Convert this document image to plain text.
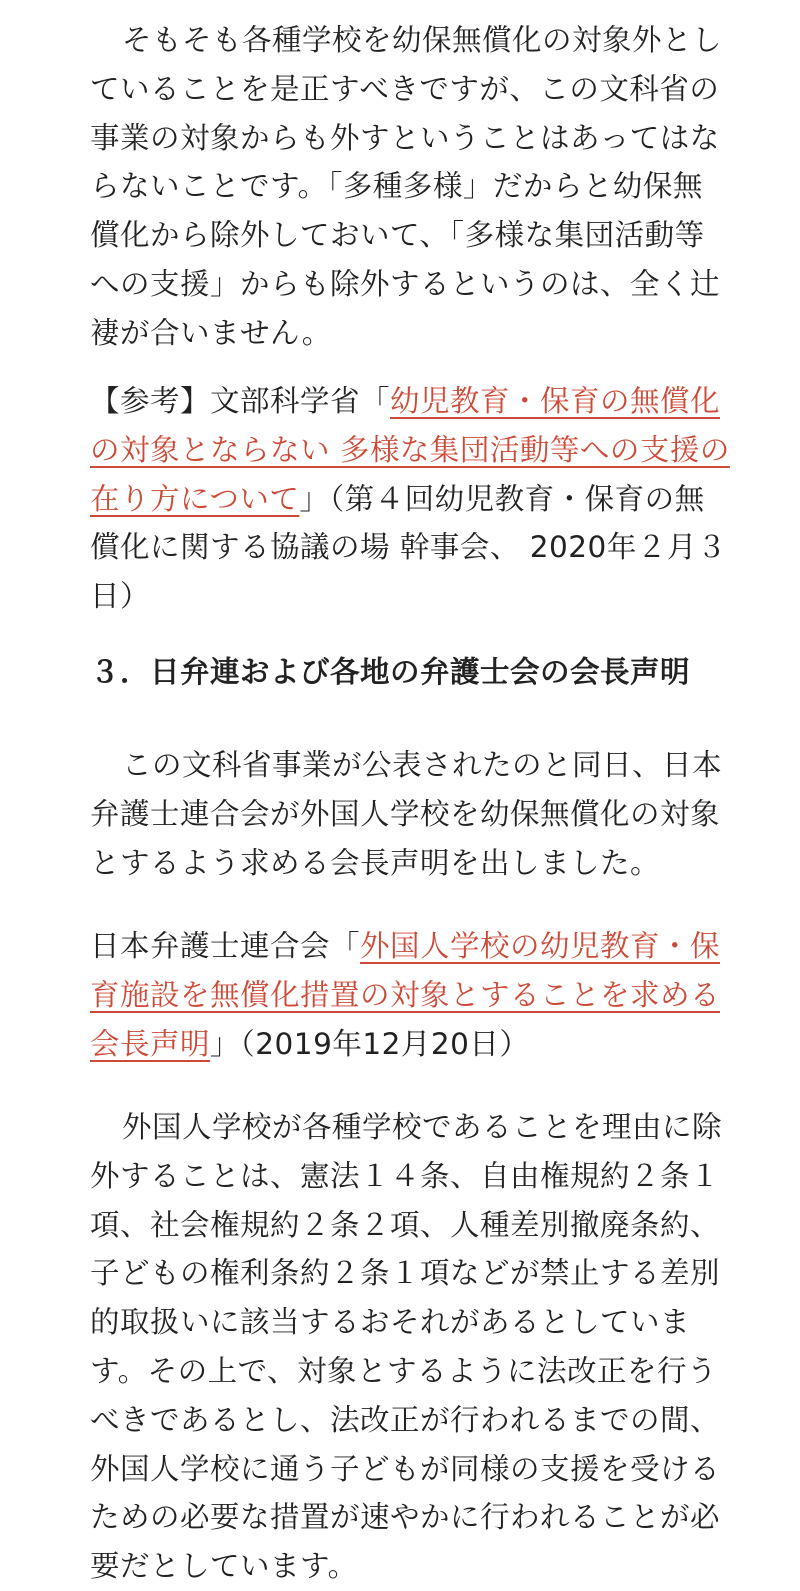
そもそも各種学校を幼保無償化の対象外とし
ていることを是正すべきですが、この文科省の
事業の対象からも外すということはあってはな
らないことです。「多種多様」だからと幼保無
償化から除外しておいて、「多様な集団活動等
への支援」からも除外するというのは、全く辻
褄が合いません。

【参考】文部科学省「幼児教育・保育の無償化
の対象とならない 多様な集団活動等への支援の
在り方について」（第４回幼児教育・保育の無
償化に関する協議の場 幹事会、 2020年２月３
日）

３．日弁連および各地の弁護士会の会長声明

この文科省事業が公表されたのと同日、日本
弁護士連合会が外国人学校を幼保無償化の対象
とするよう求める会長声明を出しました。

日本弁護士連合会「外国人学校の幼児教育・保
育施設を無償化措置の対象とすることを求める
会長声明」（2019年12月20日）

外国人学校が各種学校であることを理由に除
外することは、憲法１４条、自由権規約２条１
項、社会権規約２条２項、人種差別撤廃条約、
子どもの権利条約２条１項などが禁止する差別
的取扱いに該当するおそれがあるとしていま
す。その上で、対象とするように法改正を行う
べきであるとし、法改正が行われるまでの間、
外国人学校に通う子どもが同様の支援を受ける
ための必要な措置が速やかに行われることが必
要だとしています。
